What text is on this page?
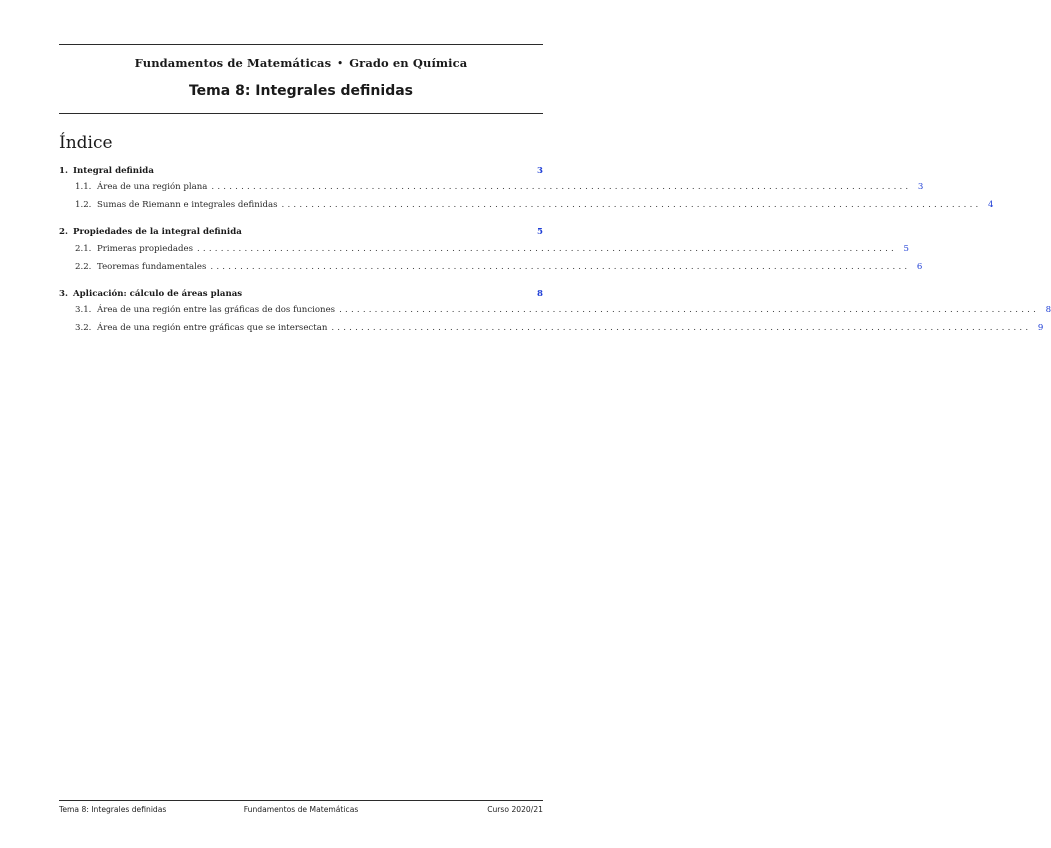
Fundamentos de Matemáticas • Grado en Química
Tema 8: Integrales definidas
Índice
1. Integral definida	3
1.1. Área de una región plana ...................................................................................................................... 3
1.2. Sumas de Riemann e integrales definidas ...................................................................................................................... 4
2. Propiedades de la integral definida	5
2.1. Primeras propiedades ...................................................................................................................... 5
2.2. Teoremas fundamentales ...................................................................................................................... 6
3. Aplicación: cálculo de áreas planas	8
3.1. Área de una región entre las gráficas de dos funciones ...................................................................................................................... 8
3.2. Área de una región entre gráficas que se intersectan ...................................................................................................................... 9
Tema 8: Integrales definidas	Fundamentos de Matemáticas	Curso 2020/21
